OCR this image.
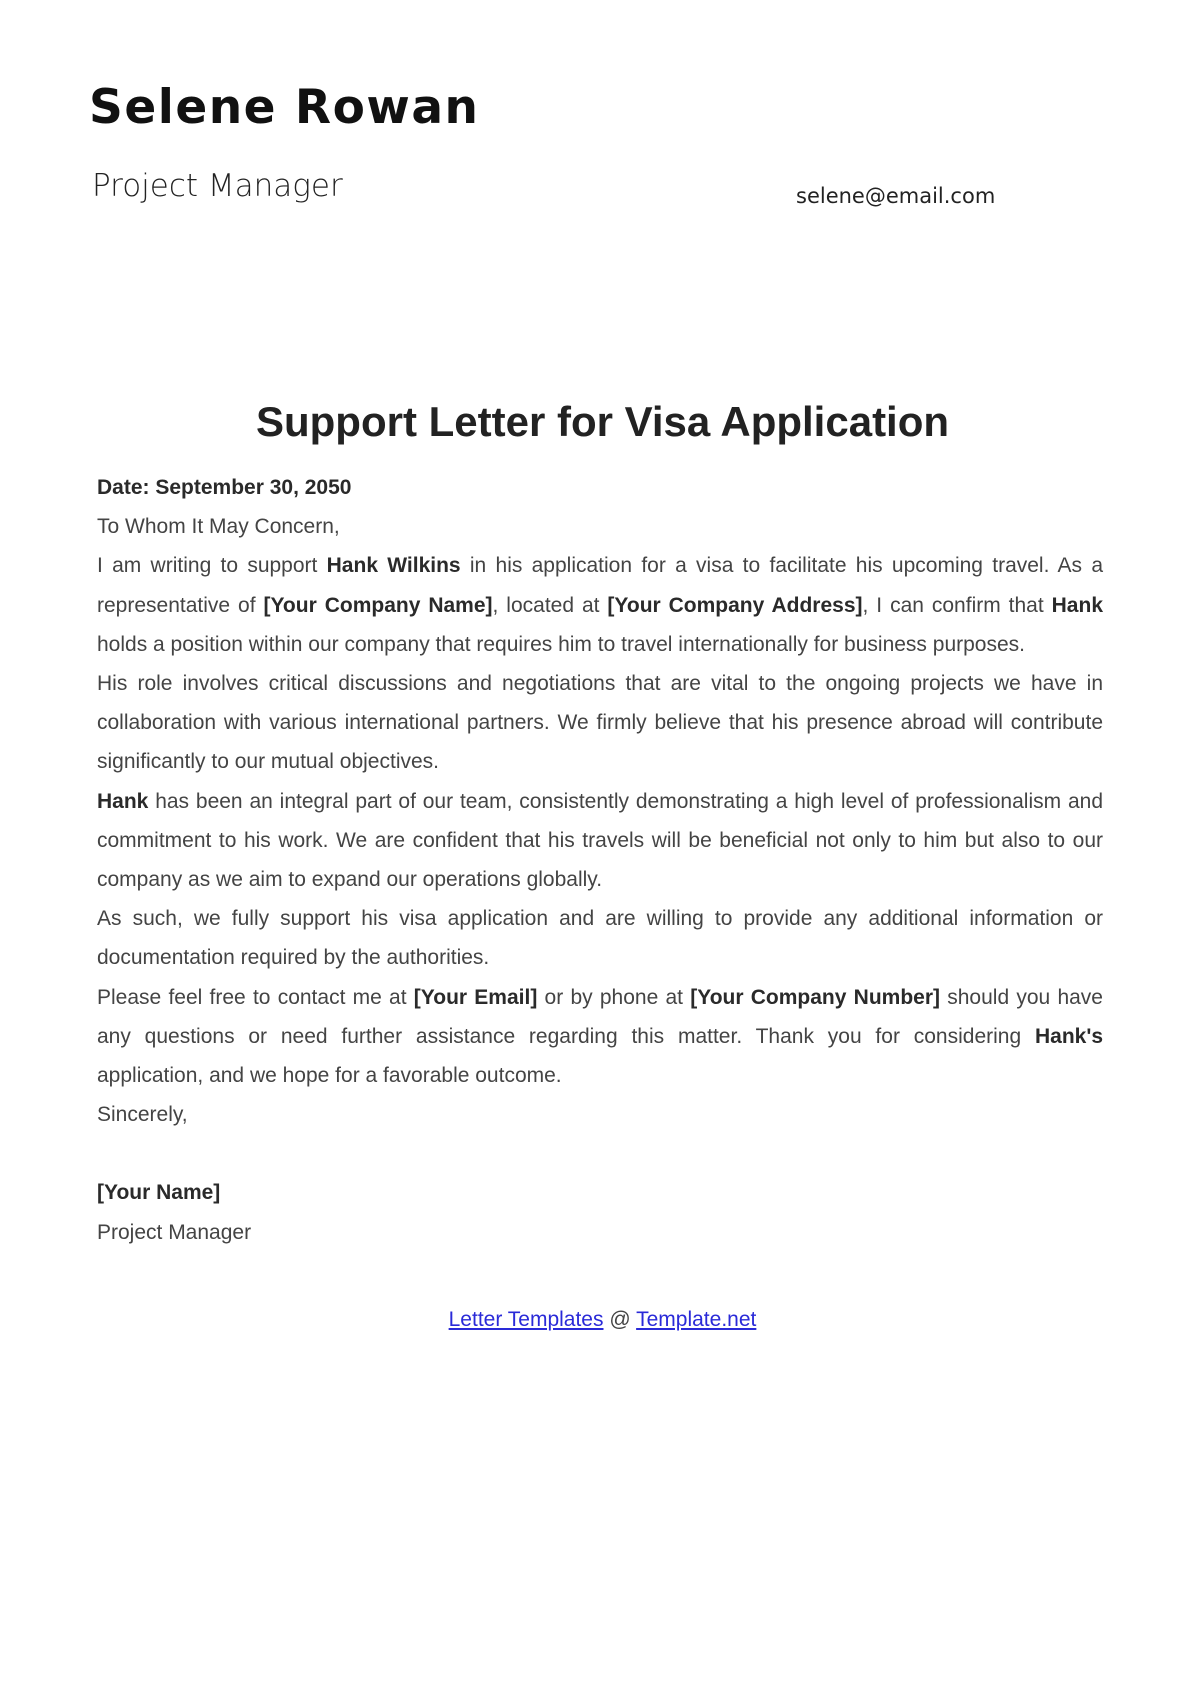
Selene Rowan
Project Manager	selene@email.com
Support Letter for Visa Application

Date: September 30, 2050

To Whom It May Concern,

I am writing to support Hank Wilkins in his application for a visa to facilitate his upcoming travel. As a representative of [Your Company Name], located at [Your Company Address], I can confirm that Hank holds a position within our company that requires him to travel internationally for business purposes.

His role involves critical discussions and negotiations that are vital to the ongoing projects we have in collaboration with various international partners. We firmly believe that his presence abroad will contribute significantly to our mutual objectives.

Hank has been an integral part of our team, consistently demonstrating a high level of professionalism and commitment to his work. We are confident that his travels will be beneficial not only to him but also to our company as we aim to expand our operations globally.

As such, we fully support his visa application and are willing to provide any additional information or documentation required by the authorities.

Please feel free to contact me at [Your Email] or by phone at [Your Company Number] should you have any questions or need further assistance regarding this matter. Thank you for considering Hank's application, and we hope for a favorable outcome.

Sincerely,

[Your Name]

Project Manager

Letter Templates @ Template.net
